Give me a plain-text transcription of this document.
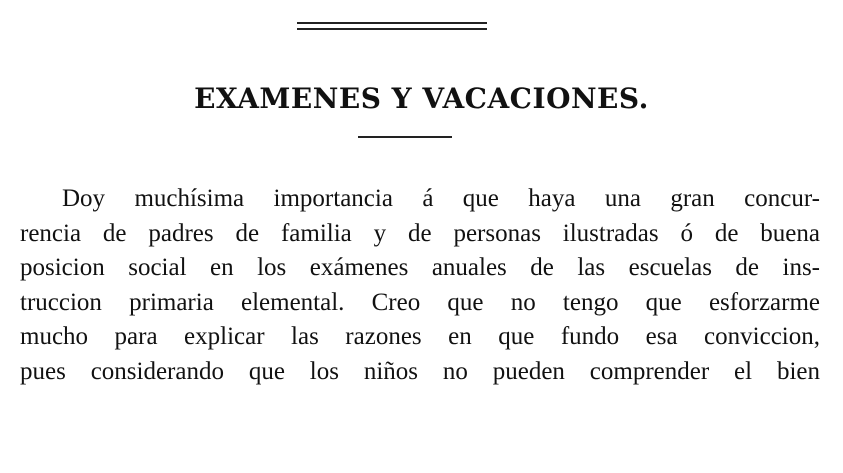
EXAMENES Y VACACIONES.

Doy muchísima importancia á que haya una gran concur-
rencia de padres de familia y de personas ilustradas ó de buena
posicion social en los exámenes anuales de las escuelas de ins-
truccion primaria elemental. Creo que no tengo que esforzarme
mucho para explicar las razones en que fundo esa conviccion,
pues considerando que los niños no pueden comprender el bien
